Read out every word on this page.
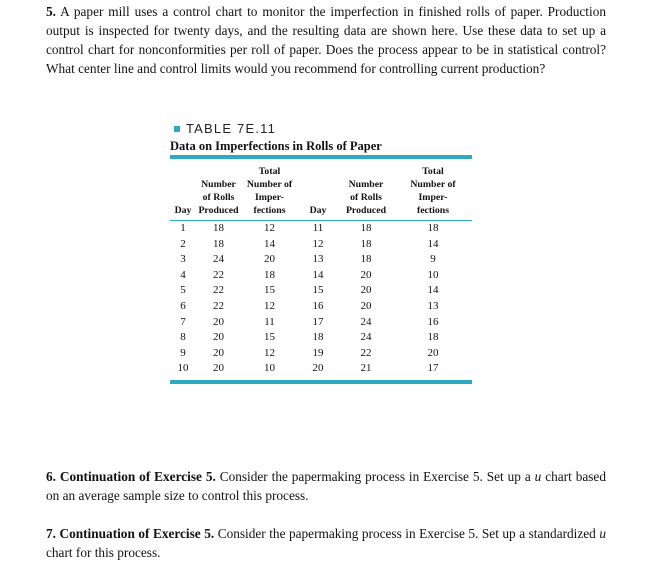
5. A paper mill uses a control chart to monitor the imperfection in finished rolls of paper. Production output is inspected for twenty days, and the resulting data are shown here. Use these data to set up a control chart for nonconformities per roll of paper. Does the process appear to be in statistical control? What center line and control limits would you recommend for controlling current production?

TABLE 7E.11
Data on Imperfections in Rolls of Paper
Day	Number
of Rolls
Produced	Total
Number of
Imper-
fections	Day	Number
of Rolls
Produced	Total
Number of
Imper-
fections

1	18	12	11	18	18
2	18	14	12	18	14
3	24	20	13	18	9
4	22	18	14	20	10
5	22	15	15	20	14
6	22	12	16	20	13
7	20	11	17	24	16
8	20	15	18	24	18
9	20	12	19	22	20
10	20	10	20	21	17

6. Continuation of Exercise 5. Consider the papermaking process in Exercise 5. Set up a u chart based on an average sample size to control this process.

7. Continuation of Exercise 5. Consider the papermaking process in Exercise 5. Set up a standardized u chart for this process.
